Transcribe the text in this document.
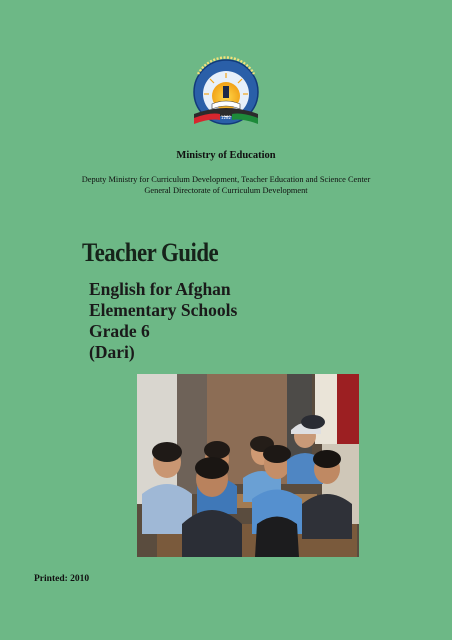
1282
Ministry of Education
Deputy Ministry for Curriculum Development, Teacher Education and Science Center
General Directorate of Curriculum Development
Teacher Guide
English for Afghan
Elementary Schools
Grade 6
(Dari)
Printed: 2010
